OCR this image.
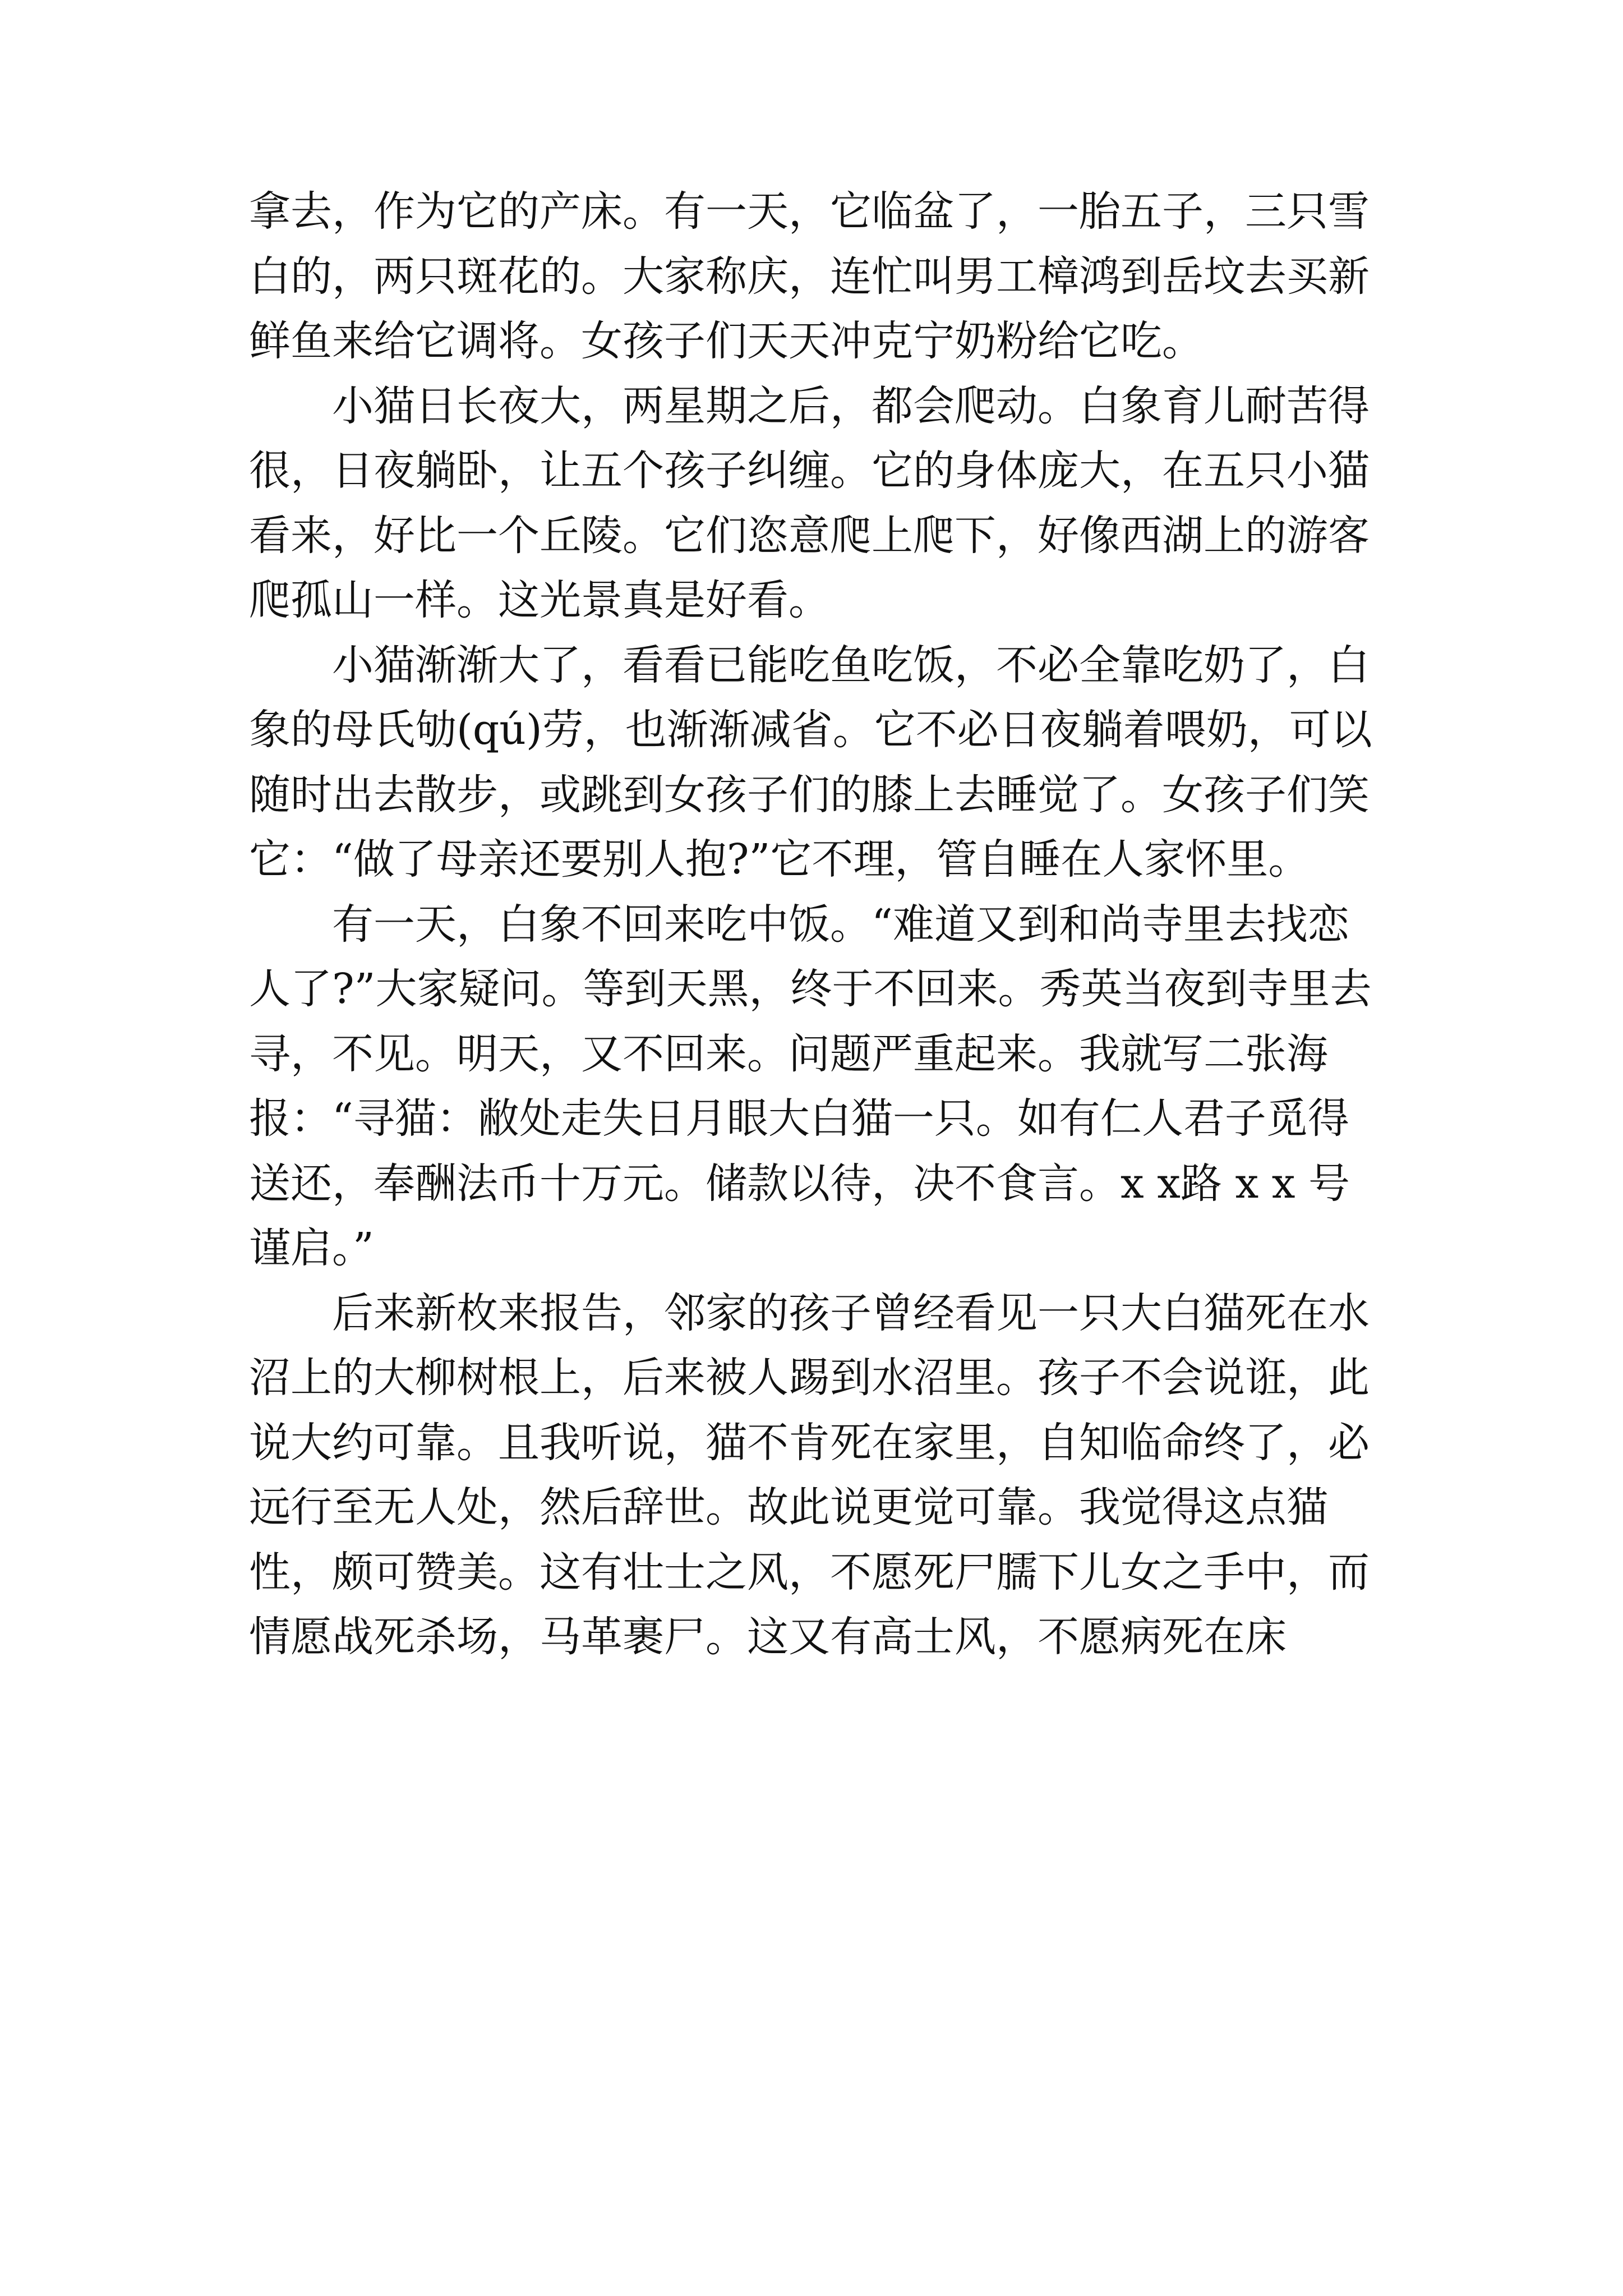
拿去，作为它的产床。有一天，它临盆了，一胎五子，三只雪白的，两只斑花的。大家称庆，连忙叫男工樟鸿到岳坟去买新鲜鱼来给它调将。女孩子们天天冲克宁奶粉给它吃。

小猫日长夜大，两星期之后，都会爬动。白象育儿耐苦得很，日夜躺卧，让五个孩子纠缠。它的身体庞大，在五只小猫看来，好比一个丘陵。它们恣意爬上爬下，好像西湖上的游客爬孤山一样。这光景真是好看。

小猫渐渐大了，看看已能吃鱼吃饭，不必全靠吃奶了，白象的母氏劬(qú)劳，也渐渐减省。它不必日夜躺着喂奶，可以随时出去散步，或跳到女孩子们的膝上去睡觉了。女孩子们笑它：“做了母亲还要别人抱?”它不理，管自睡在人家怀里。

有一天，白象不回来吃中饭。“难道又到和尚寺里去找恋人了?”大家疑问。等到天黑，终于不回来。秀英当夜到寺里去寻，不见。明天，又不回来。问题严重起来。我就写二张海报：“寻猫：敝处走失日月眼大白猫一只。如有仁人君子觅得送还，奉酬法币十万元。储款以待，决不食言。x x路 x x 号谨启。”

后来新枚来报告，邻家的孩子曾经看见一只大白猫死在水沼上的大柳树根上，后来被人踢到水沼里。孩子不会说诳，此说大约可靠。且我听说，猫不肯死在家里，自知临命终了，必远行至无人处，然后辞世。故此说更觉可靠。我觉得这点猫性，颇可赞美。这有壮士之风，不愿死尸臑下儿女之手中，而情愿战死杀场，马革裹尸。这又有高士风，不愿病死在床
